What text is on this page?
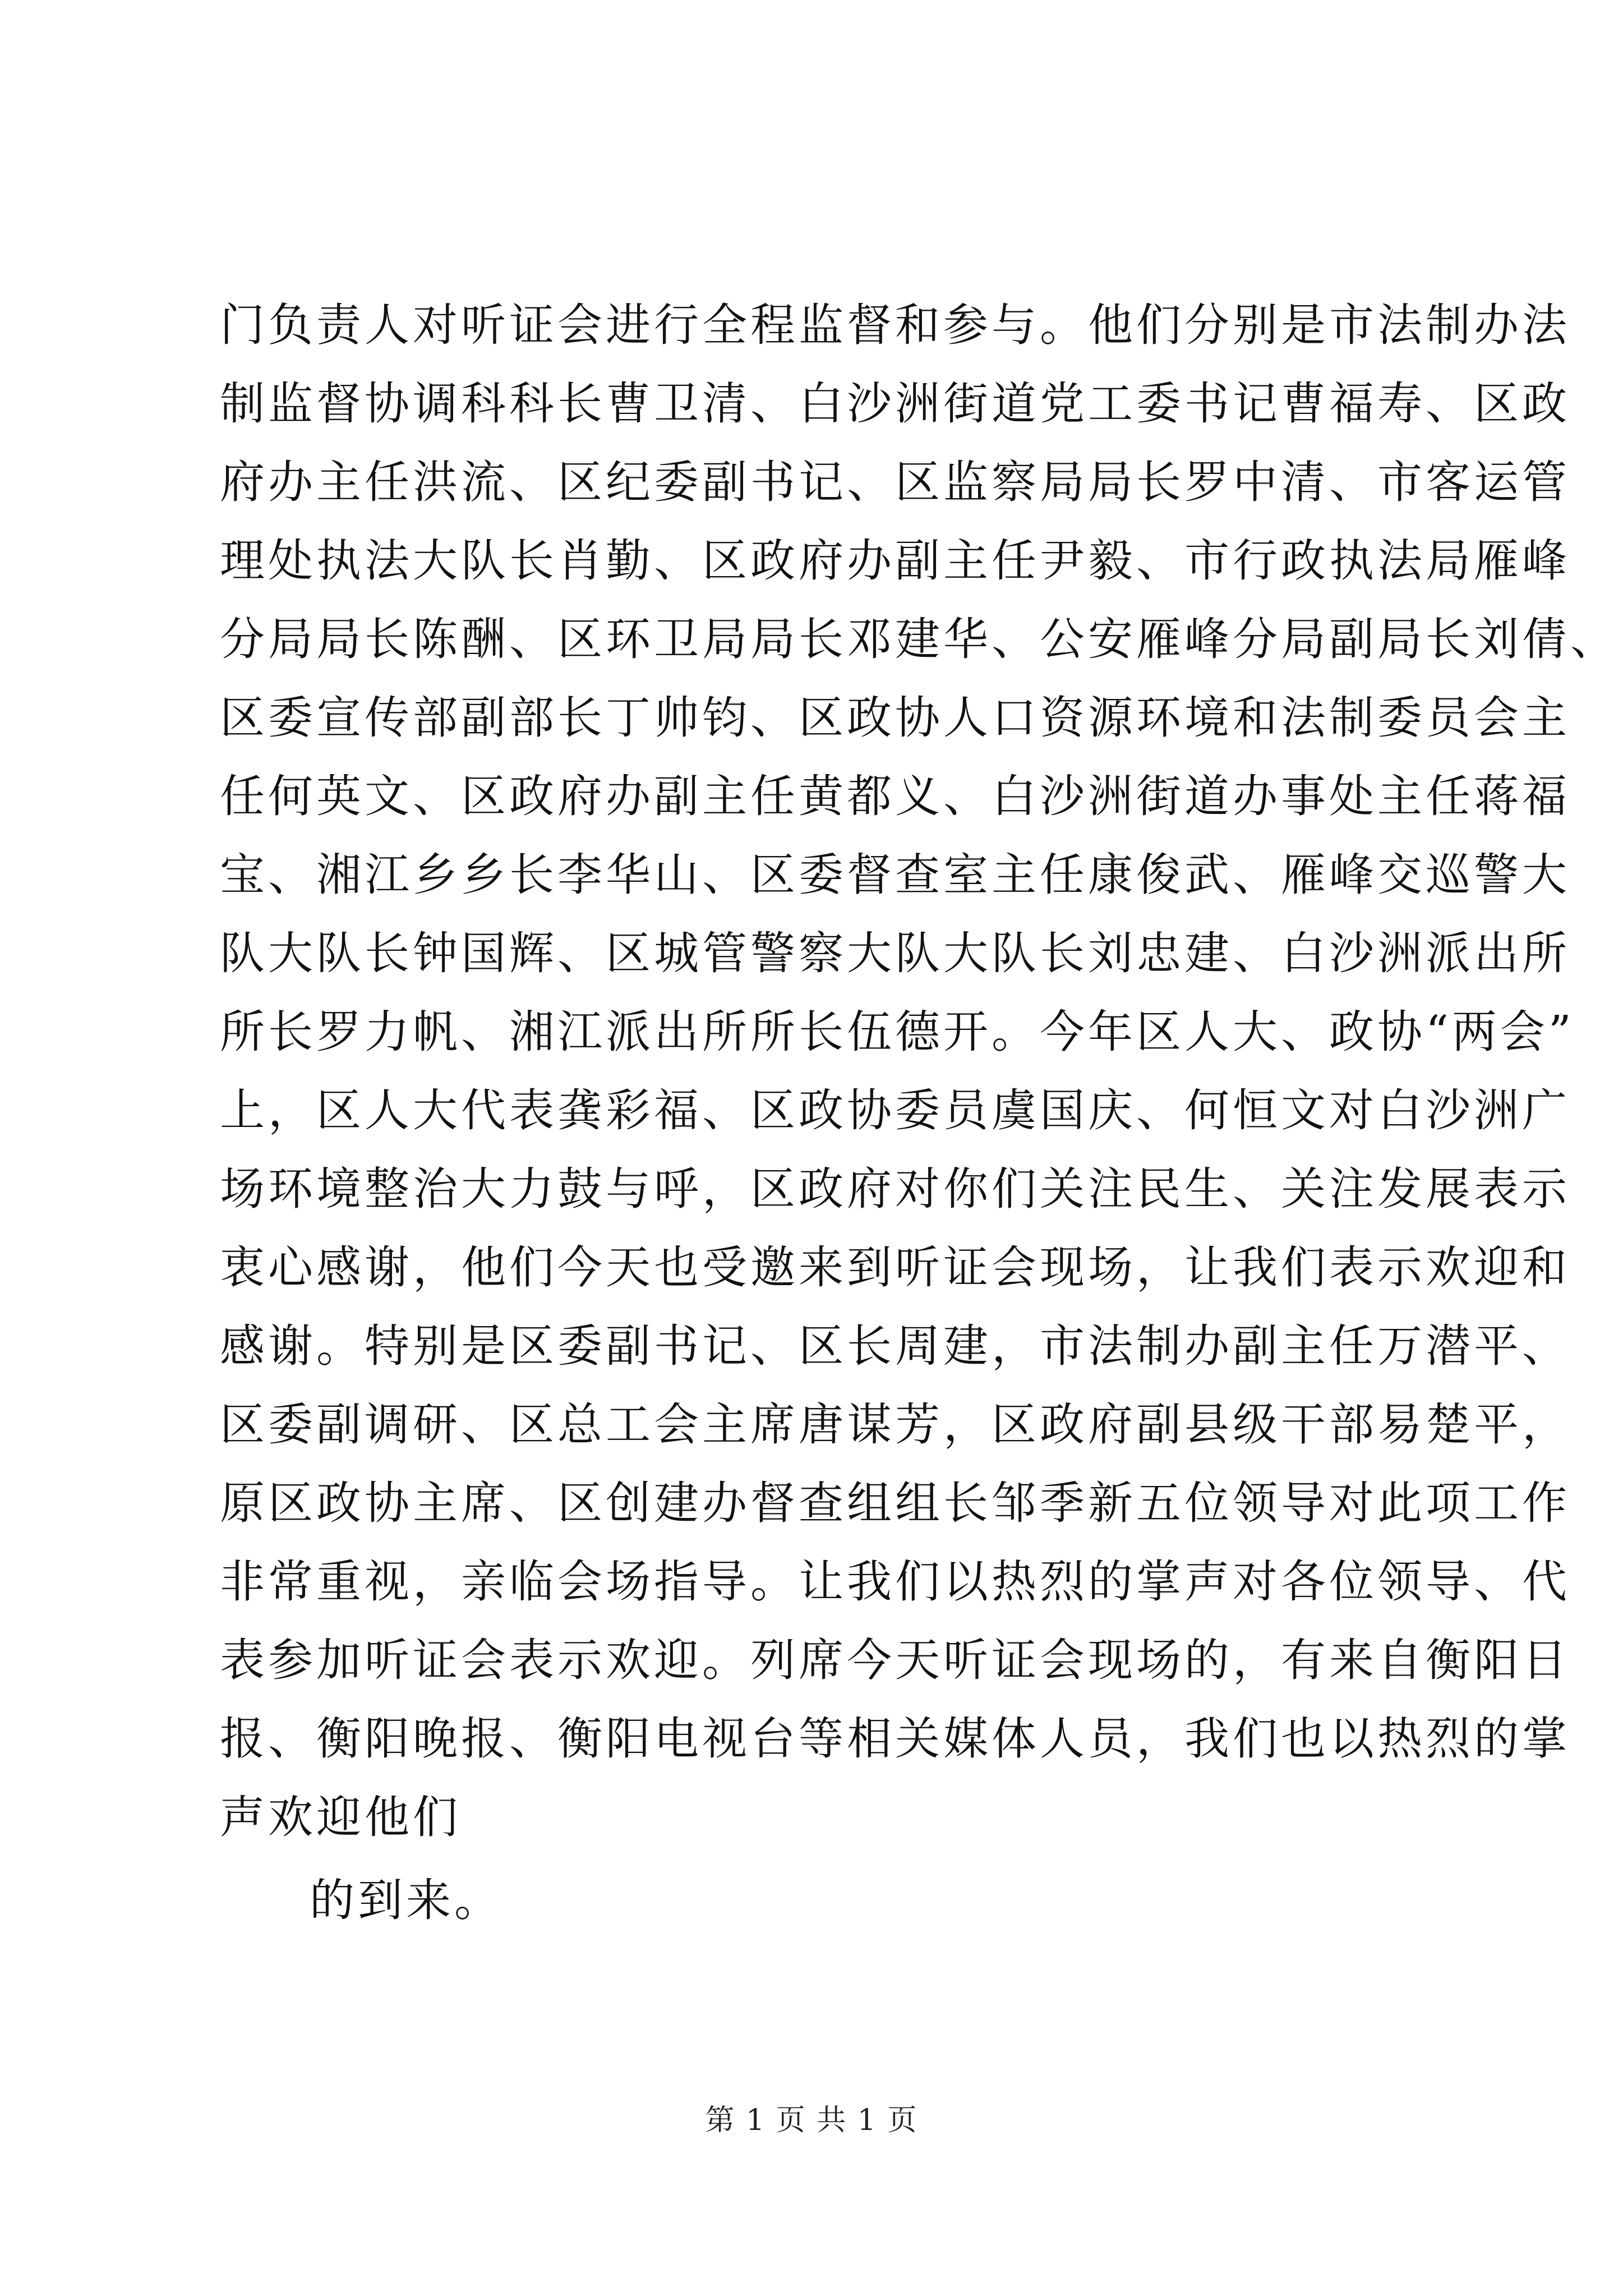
门负责人对听证会进行全程监督和参与。他们分别是市法制办法
制监督协调科科长曹卫清、白沙洲街道党工委书记曹福寿、区政
府办主任洪流、区纪委副书记、区监察局局长罗中清、市客运管
理处执法大队长肖勤、区政府办副主任尹毅、市行政执法局雁峰
分局局长陈酬、区环卫局局长邓建华、公安雁峰分局副局长刘倩、
区委宣传部副部长丁帅钧、区政协人口资源环境和法制委员会主
任何英文、区政府办副主任黄都义、白沙洲街道办事处主任蒋福
宝、湘江乡乡长李华山、区委督查室主任康俊武、雁峰交巡警大
队大队长钟国辉、区城管警察大队大队长刘忠建、白沙洲派出所
所长罗力帆、湘江派出所所长伍德开。今年区人大、政协“两会”
上，区人大代表龚彩福、区政协委员虞国庆、何恒文对白沙洲广
场环境整治大力鼓与呼，区政府对你们关注民生、关注发展表示
衷心感谢，他们今天也受邀来到听证会现场，让我们表示欢迎和
感谢。特别是区委副书记、区长周建，市法制办副主任万潜平、
区委副调研、区总工会主席唐谋芳，区政府副县级干部易楚平，
原区政协主席、区创建办督查组组长邹季新五位领导对此项工作
非常重视，亲临会场指导。让我们以热烈的掌声对各位领导、代
表参加听证会表示欢迎。列席今天听证会现场的，有来自衡阳日
报、衡阳晚报、衡阳电视台等相关媒体人员，我们也以热烈的掌
声欢迎他们
的到来。
第 1 页 共 1 页
